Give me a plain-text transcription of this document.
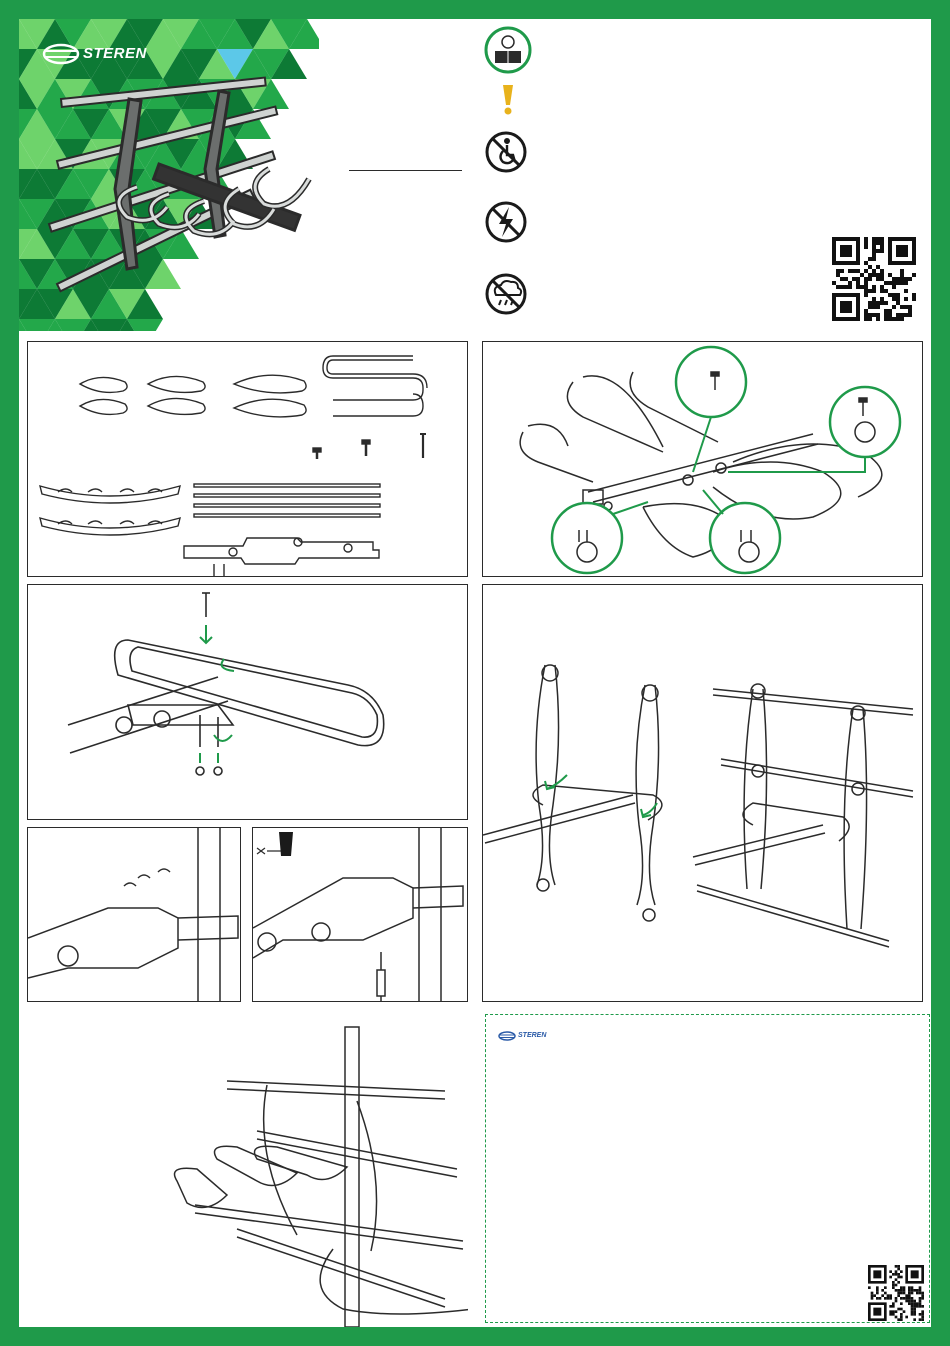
STEREN
STEREN
